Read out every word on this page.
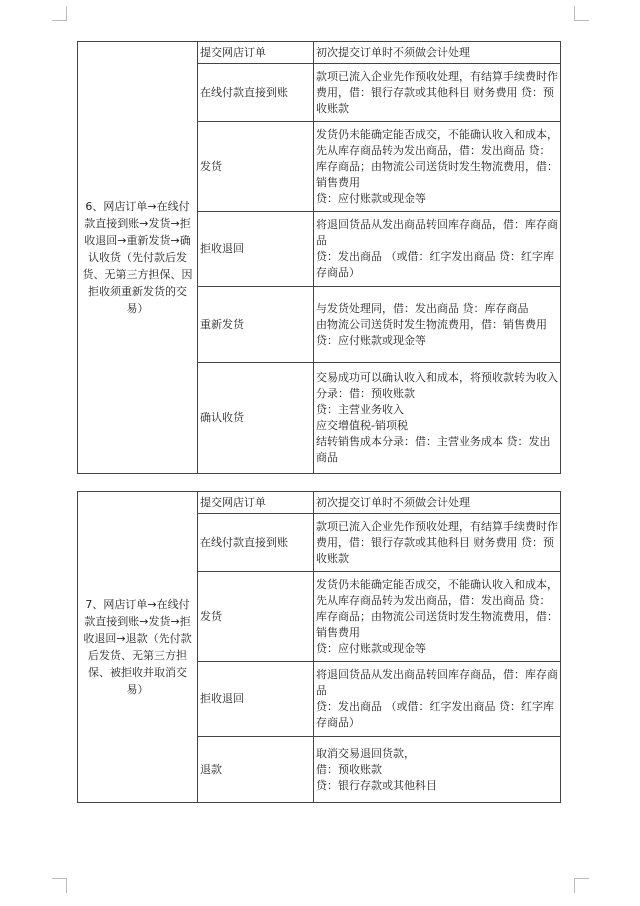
6、网店订单→在线付款直接到账→发货→拒收退回→重新发货→确认收货（先付款后发货、无第三方担保、因拒收须重新发货的交易）	提交网店订单	初次提交订单时不须做会计处理
	在线付款直接到账	款项已流入企业先作预收处理，有结算手续费时作费用，借：银行存款或其他科目 财务费用 贷：预收账款
	发货	发货仍未能确定能否成交，不能确认收入和成本，先从库存商品转为发出商品，借：发出商品 贷：库存商品；由物流公司送货时发生物流费用，借：销售费用
贷：应付账款或现金等
	拒收退回	将退回货品从发出商品转回库存商品，借：库存商品
贷：发出商品 （或借：红字发出商品 贷：红字库存商品）
	重新发货	与发货处理同，借：发出商品 贷：库存商品
由物流公司送货时发生物流费用，借：销售费用
贷：应付账款或现金等
	确认收货	交易成功可以确认收入和成本，将预收款转为收入分录：借：预收账款
贷：主营业务收入
应交增值税-销项税
结转销售成本分录：借：主营业务成本 贷：发出商品
7、网店订单→在线付款直接到账→发货→拒收退回→退款（先付款后发货、无第三方担保、被拒收并取消交易）	提交网店订单	初次提交订单时不须做会计处理
	在线付款直接到账	款项已流入企业先作预收处理，有结算手续费时作费用，借：银行存款或其他科目 财务费用 贷：预收账款
	发货	发货仍未能确定能否成交，不能确认收入和成本，先从库存商品转为发出商品，借：发出商品 贷：库存商品；由物流公司送货时发生物流费用，借：销售费用
贷：应付账款或现金等
	拒收退回	将退回货品从发出商品转回库存商品，借：库存商品
贷：发出商品 （或借：红字发出商品 贷：红字库存商品）
	退款	取消交易退回货款，
借：预收账款
贷：银行存款或其他科目
